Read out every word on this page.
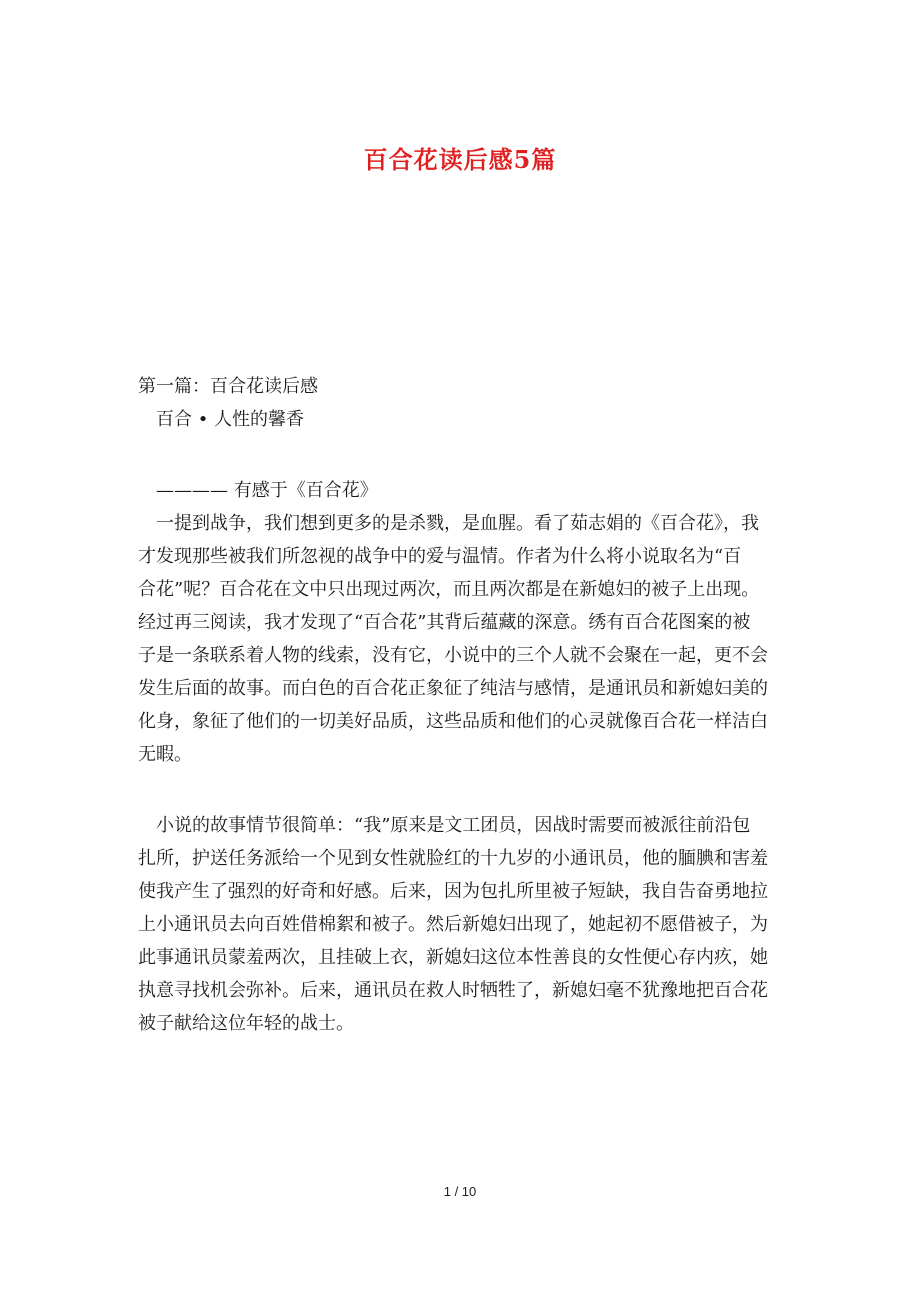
百合花读后感5篇
第一篇：百合花读后感
百合 • 人性的馨香
———— 有感于《百合花》
一提到战争，我们想到更多的是杀戮，是血腥。看了茹志娟的《百合花》，我
才发现那些被我们所忽视的战争中的爱与温情。作者为什么将小说取名为“百
合花”呢？百合花在文中只出现过两次，而且两次都是在新媳妇的被子上出现。
经过再三阅读，我才发现了“百合花”其背后蕴藏的深意。绣有百合花图案的被
子是一条联系着人物的线索，没有它，小说中的三个人就不会聚在一起，更不会
发生后面的故事。而白色的百合花正象征了纯洁与感情，是通讯员和新媳妇美的
化身，象征了他们的一切美好品质，这些品质和他们的心灵就像百合花一样洁白
无暇。
小说的故事情节很简单：“我”原来是文工团员，因战时需要而被派往前沿包
扎所，护送任务派给一个见到女性就脸红的十九岁的小通讯员，他的腼腆和害羞
使我产生了强烈的好奇和好感。后来，因为包扎所里被子短缺，我自告奋勇地拉
上小通讯员去向百姓借棉絮和被子。然后新媳妇出现了，她起初不愿借被子，为
此事通讯员蒙羞两次，且挂破上衣，新媳妇这位本性善良的女性便心存内疚，她
执意寻找机会弥补。后来，通讯员在救人时牺牲了，新媳妇毫不犹豫地把百合花
被子献给这位年轻的战士。
1 / 10
